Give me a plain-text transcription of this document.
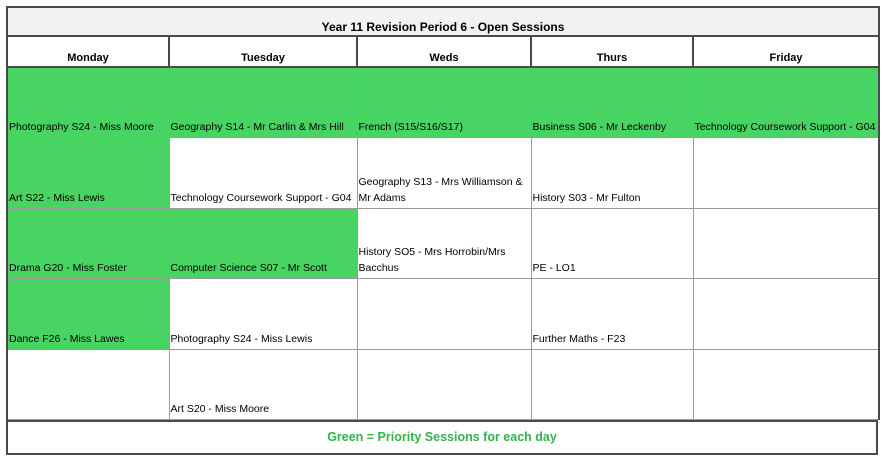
Year 11 Revision Period 6 - Open Sessions				
Monday	Tuesday	Weds	Thurs	Friday
Photography S24 - Miss Moore	Geography S14 - Mr Carlin & Mrs Hill	French (S15/S16/S17)	Business S06 - Mr Leckenby	Technology Coursework Support - G04
Art S22 - Miss Lewis	Technology Coursework Support - G04	Geography S13 - Mrs Williamson & Mr Adams	History S03 - Mr Fulton	
Drama G20 - Miss Foster	Computer Science S07 - Mr Scott	History SO5 - Mrs Horrobin/Mrs Bacchus	PE - LO1	
Dance F26 - Miss Lawes	Photography S24 - Miss Lewis		Further Maths - F23	
	Art S20 - Miss Moore			
Green = Priority Sessions for each day
